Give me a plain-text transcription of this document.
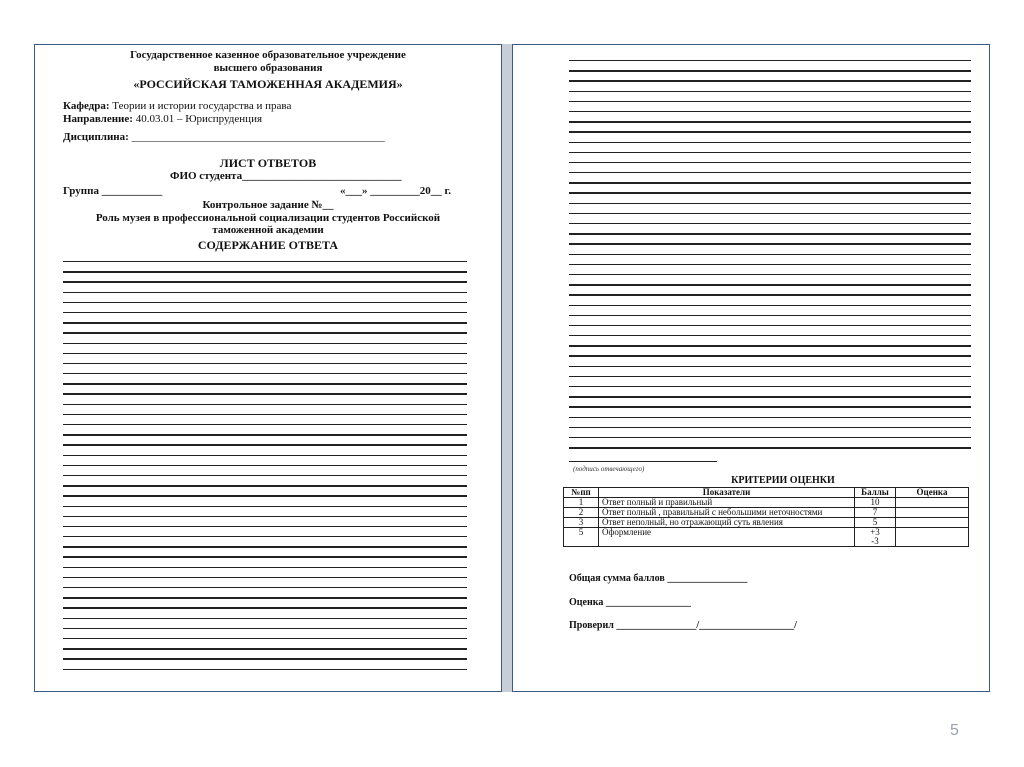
Государственное казенное образовательное учреждение
высшего образования
«РОССИЙСКАЯ ТАМОЖЕННАЯ АКАДЕМИЯ»
Кафедра: Теории и истории государства и права
Направление: 40.03.01 – Юриспруденция
Дисциплина: ______________________________________________
ЛИСТ ОТВЕТОВ
ФИО студента_____________________________
Группа ___________	«___» _________20__ г.
Контрольное задание №__
Роль музея в профессиональной социализации студентов Российской
таможенной академии
СОДЕРЖАНИЕ ОТВЕТА
(подпись отвечающего)
КРИТЕРИИ ОЦЕНКИ
№пп	Показатели	Баллы	Оценка
1	Ответ полный и правильный	10	
2	Ответ полный , правильный с небольшими неточностями	7	
3	Ответ неполный, но отражающий суть явления	5	
5	Оформление	+3
-3	
Общая сумма баллов ________________
Оценка _________________
Проверил ________________/___________________/
5
